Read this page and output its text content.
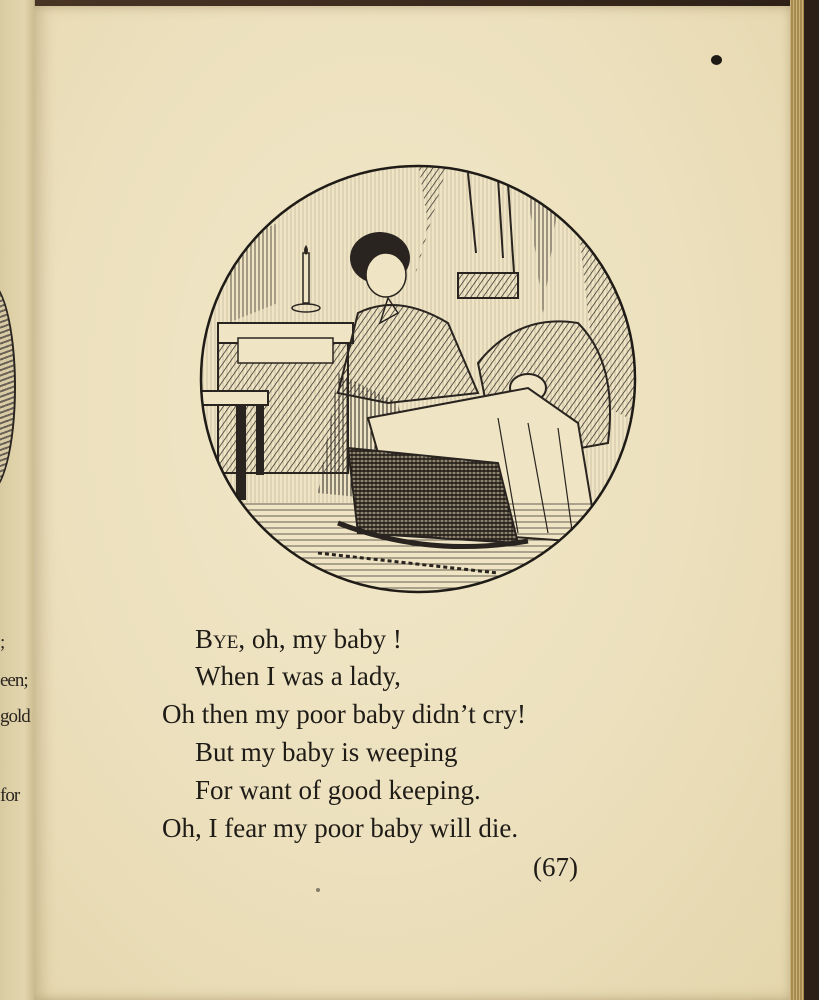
;
een;
gold
for
Bye, oh, my baby !
When I was a lady,
Oh then my poor baby didn’t cry!
But my baby is weeping
For want of good keeping.
Oh, I fear my poor baby will die.
(67)
